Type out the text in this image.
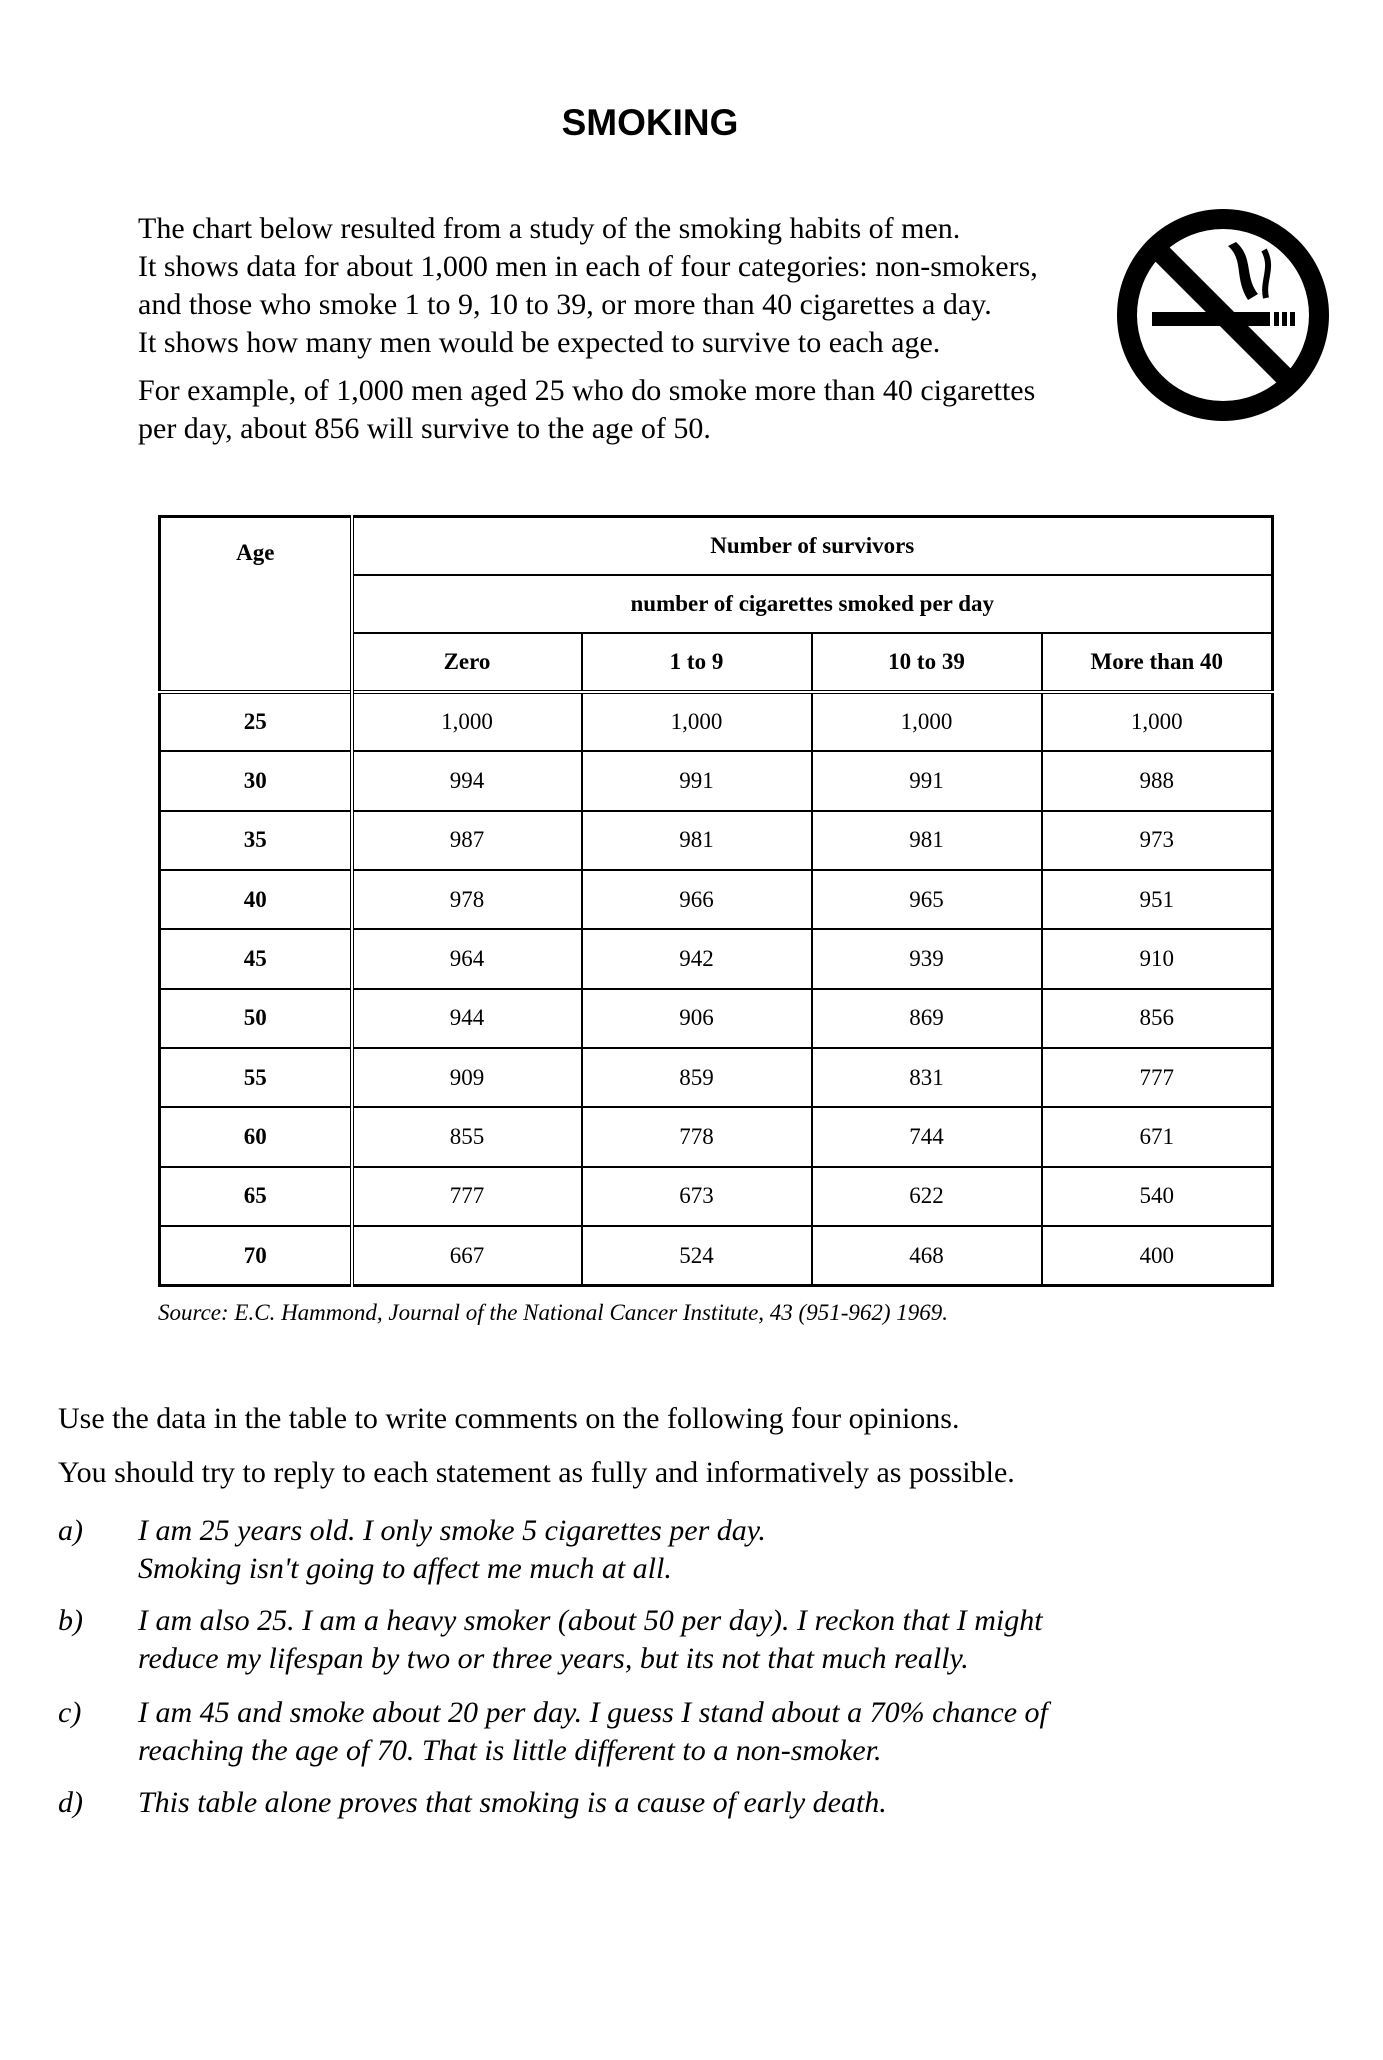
SMOKING

The chart below resulted from a study of the smoking habits of men.

It shows data for about 1,000 men in each of four categories: non-smokers, and those who smoke 1 to 9, 10 to 39, or more than 40 cigarettes a day.

It shows how many men would be expected to survive to each age.

For example, of 1,000 men aged 25 who do smoke more than 40 cigarettes per day, about 856 will survive to the age of 50.

Age	Number of survivors			
	number of cigarettes smoked per day			
	Zero	1 to 9	10 to 39	More than 40
25	1,000	1,000	1,000	1,000
30	994	991	991	988
35	987	981	981	973
40	978	966	965	951
45	964	942	939	910
50	944	906	869	856
55	909	859	831	777
60	855	778	744	671
65	777	673	622	540
70	667	524	468	400
Source: E.C. Hammond, Journal of the National Cancer Institute, 43 (951-962) 1969.

Use the data in the table to write comments on the following four opinions.

You should try to reply to each statement as fully and informatively as possible.

a) I am 25 years old. I only smoke 5 cigarettes per day.
Smoking isn't going to affect me much at all.
b) I am also 25. I am a heavy smoker (about 50 per day). I reckon that I might
reduce my lifespan by two or three years, but its not that much really.
c) I am 45 and smoke about 20 per day. I guess I stand about a 70% chance of
reaching the age of 70. That is little different to a non-smoker.
d) This table alone proves that smoking is a cause of early death.
